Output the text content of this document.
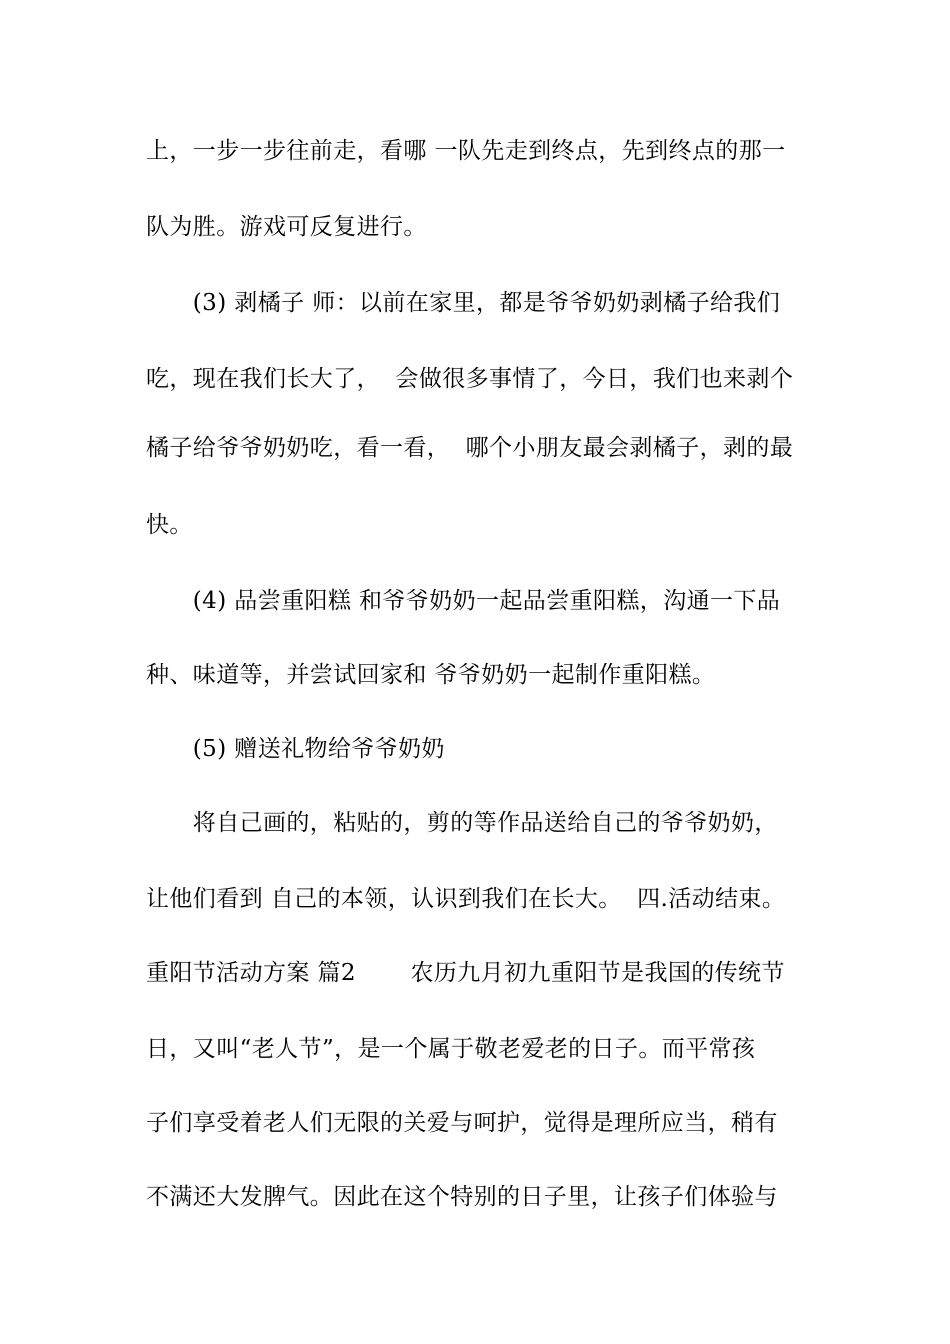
上，一步一步往前走，看哪 一队先走到终点，先到终点的那一
队为胜。游戏可反复进行。
　　(3) 剥橘子 师：以前在家里，都是爷爷奶奶剥橘子给我们
吃，现在我们长大了，  会做很多事情了，今日，我们也来剥个
橘子给爷爷奶奶吃，看一看，  哪个小朋友最会剥橘子，剥的最
快。
　　(4) 品尝重阳糕 和爷爷奶奶一起品尝重阳糕，沟通一下品
种、味道等，并尝试回家和 爷爷奶奶一起制作重阳糕。
　　(5) 赠送礼物给爷爷奶奶
　　将自己画的，粘贴的，剪的等作品送给自己的爷爷奶奶，
让他们看到 自己的本领，认识到我们在长大。  四.活动结束。
重阳节活动方案 篇2　　 农历九月初九重阳节是我国的传统节
日，又叫“老人节”，是一个属于敬老爱老的日子。而平常孩
子们享受着老人们无限的关爱与呵护，觉得是理所应当，稍有
不满还大发脾气。因此在这个特别的日子里，让孩子们体验与
